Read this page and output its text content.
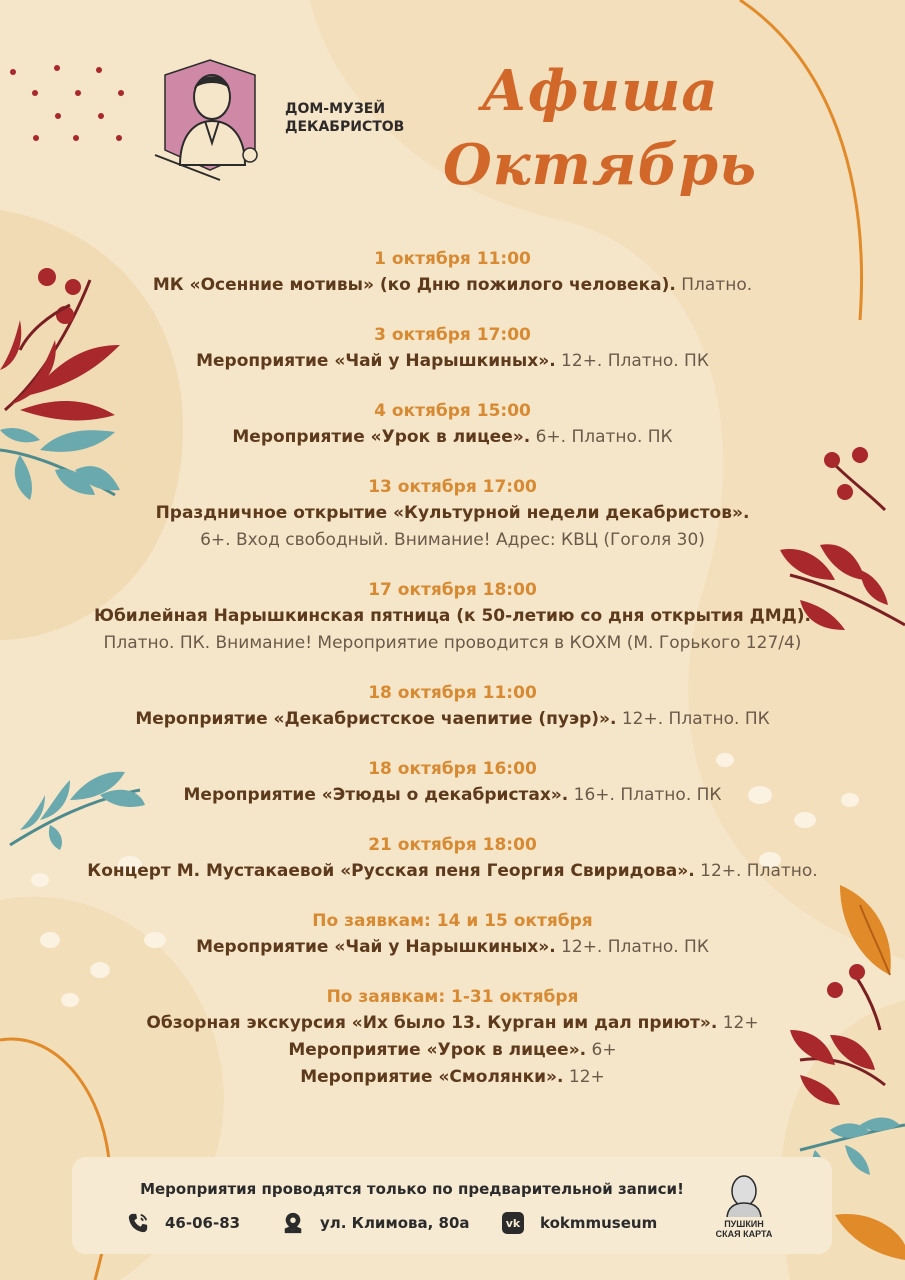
ДОМ-МУЗЕЙ
ДЕКАБРИСТОВ
Афиша
Октябрь
1 октября 11:00
МК «Осенние мотивы» (ко Дню пожилого человека). Платно.
3 октября 17:00
Мероприятие «Чай у Нарышкиных». 12+. Платно. ПК
4 октября 15:00
Мероприятие «Урок в лицее». 6+. Платно. ПК
13 октября 17:00
Праздничное открытие «Культурной недели декабристов».
6+. Вход свободный. Внимание! Адрес: КВЦ (Гоголя 30)
17 октября 18:00
Юбилейная Нарышкинская пятница (к 50-летию со дня открытия ДМД).
Платно. ПК. Внимание! Мероприятие проводится в КОХМ (М. Горького 127/4)
18 октября 11:00
Мероприятие «Декабристское чаепитие (пуэр)». 12+. Платно. ПК
18 октября 16:00
Мероприятие «Этюды о декабристах». 16+. Платно. ПК
21 октября 18:00
Концерт М. Мустакаевой «Русская пеня Георгия Свиридова». 12+. Платно.
По заявкам: 14 и 15 октября
Мероприятие «Чай у Нарышкиных». 12+. Платно. ПК
По заявкам: 1-31 октября
Обзорная экскурсия «Их было 13. Курган им дал приют». 12+
Мероприятие «Урок в лицее». 6+
Мероприятие «Смолянки». 12+
Мероприятия проводятся только по предварительной записи!
46-06-83	ул. Климова, 80а	vk kokmmuseum	ПУШКИН
СКАЯ КАРТА
